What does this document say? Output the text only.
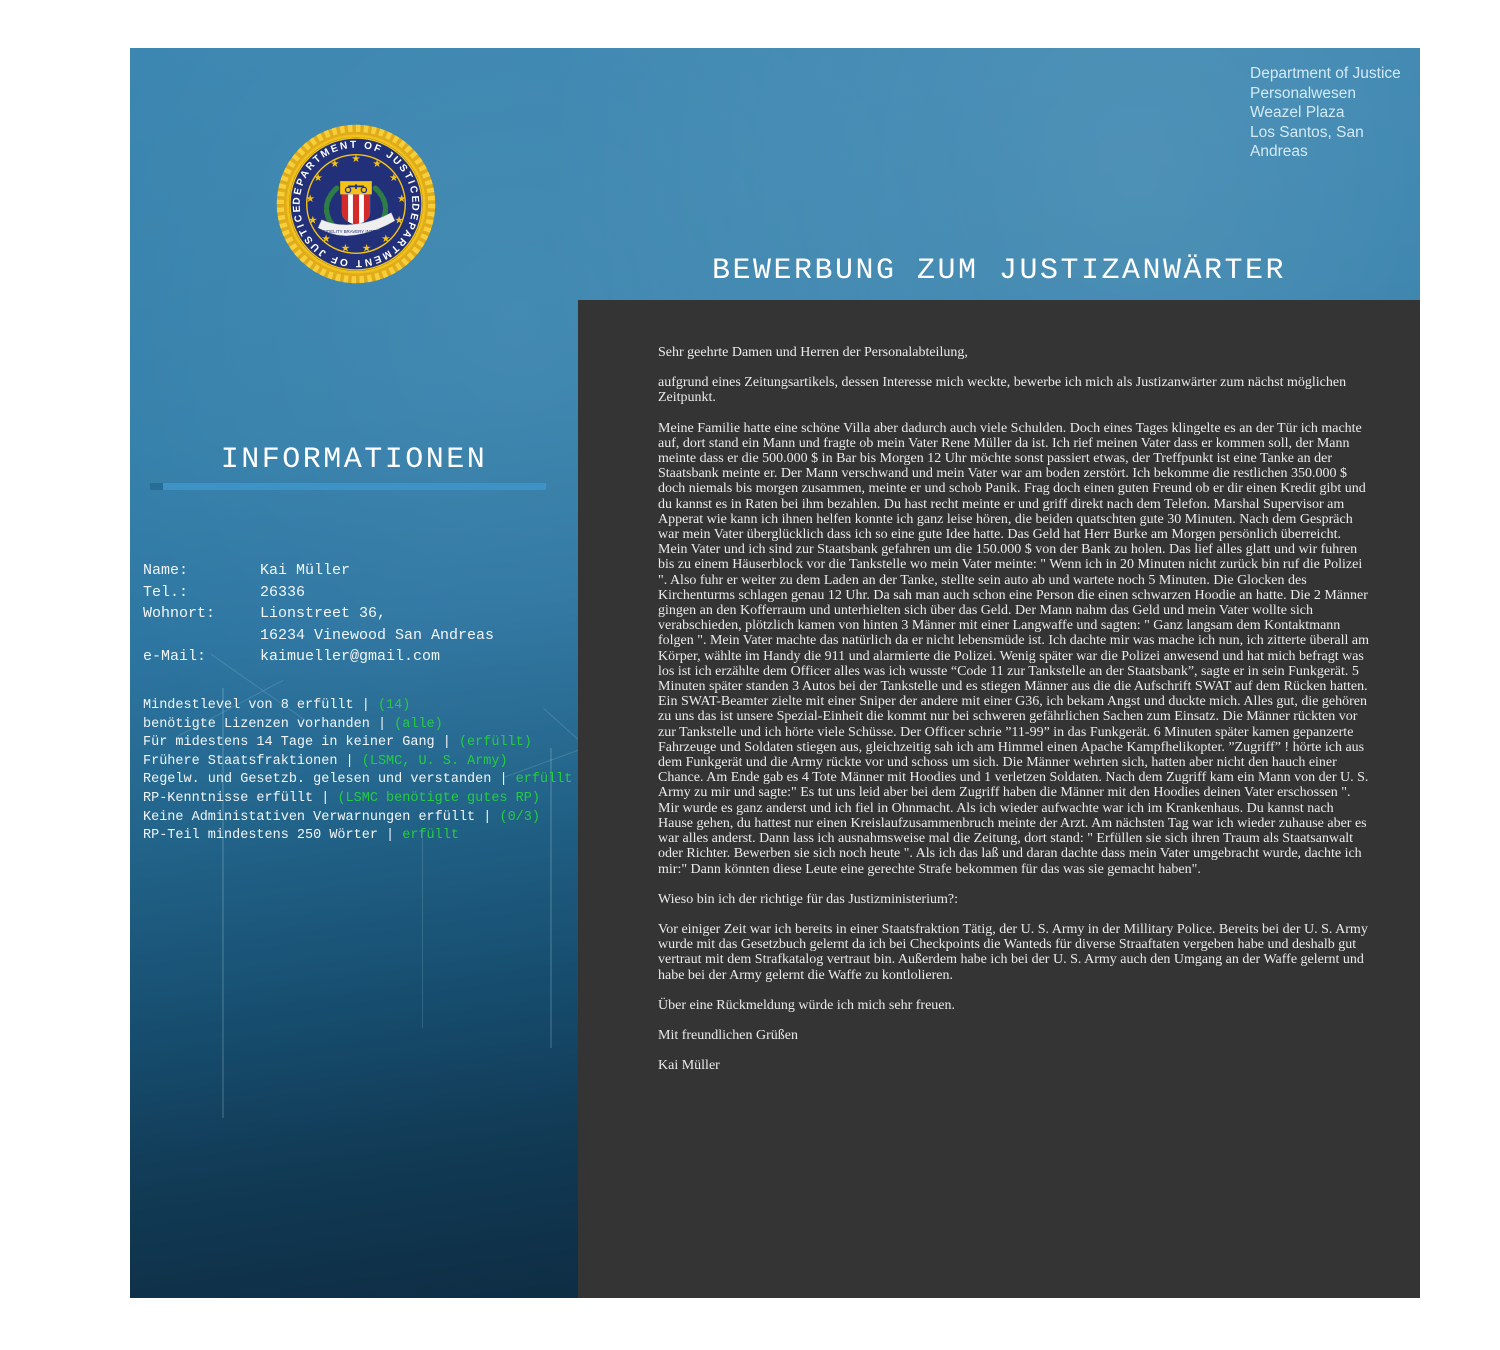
Department of Justice
Personalwesen
Weazel Plaza
Los Santos, San Andreas
DEPARTMENT OF JUSTICE
DEPARTMENT OF JUSTICE
★ ★
★
★
★
★
★
★
★
★
★
★
★
FIDELITY BRAVERY INTEGRITY
BEWERBUNG ZUM JUSTIZANWÄRTER
INFORMATIONEN
Name:	Kai Müller
Tel.:	26336
Wohnort:	Lionstreet 36,
16234 Vinewood San Andreas
e-Mail:	kaimueller@gmail.com
Mindestlevel von 8 erfüllt | (14)
benötigte Lizenzen vorhanden | (alle)
Für midestens 14 Tage in keiner Gang | (erfüllt)
Frühere Staatsfraktionen | (LSMC, U. S. Army)
Regelw. und Gesetzb. gelesen und verstanden | erfüllt
RP-Kenntnisse erfüllt | (LSMC benötigte gutes RP)
Keine Administativen Verwarnungen erfüllt | (0/3)
RP-Teil mindestens 250 Wörter | erfüllt

Sehr geehrte Damen und Herren der Personalabteilung,

aufgrund eines Zeitungsartikels, dessen Interesse mich weckte, bewerbe ich mich als Justizanwärter zum nächst möglichen Zeitpunkt.

Meine Familie hatte eine schöne Villa aber dadurch auch viele Schulden. Doch eines Tages klingelte es an der Tür ich machte auf, dort stand ein Mann und fragte ob mein Vater Rene Müller da ist. Ich rief meinen Vater dass er kommen soll, der Mann meinte dass er die 500.000 $ in Bar bis Morgen 12 Uhr möchte sonst passiert etwas, der Treffpunkt ist eine Tanke an der Staatsbank meinte er. Der Mann verschwand und mein Vater war am boden zerstört. Ich bekomme die restlichen 350.000 $ doch niemals bis morgen zusammen, meinte er und schob Panik. Frag doch einen guten Freund ob er dir einen Kredit gibt und du kannst es in Raten bei ihm bezahlen. Du hast recht meinte er und griff direkt nach dem Telefon. Marshal Supervisor am Apperat wie kann ich ihnen helfen konnte ich ganz leise hören, die beiden quatschten gute 30 Minuten. Nach dem Gespräch war mein Vater überglücklich dass ich so eine gute Idee hatte. Das Geld hat Herr Burke am Morgen persönlich überreicht. Mein Vater und ich sind zur Staatsbank gefahren um die 150.000 $ von der Bank zu holen. Das lief alles glatt und wir fuhren bis zu einem Häuserblock vor die Tankstelle wo mein Vater meinte: " Wenn ich in 20 Minuten nicht zurück bin ruf die Polizei ". Also fuhr er weiter zu dem Laden an der Tanke, stellte sein auto ab und wartete noch 5 Minuten. Die Glocken des Kirchenturms schlagen genau 12 Uhr. Da sah man auch schon eine Person die einen schwarzen Hoodie an hatte. Die 2 Männer gingen an den Kofferraum und unterhielten sich über das Geld. Der Mann nahm das Geld und mein Vater wollte sich verabschieden, plötzlich kamen von hinten 3 Männer mit einer Langwaffe und sagten: " Ganz langsam dem Kontaktmann folgen ". Mein Vater machte das natürlich da er nicht lebensmüde ist. Ich dachte mir was mache ich nun, ich zitterte überall am Körper, wählte im Handy die 911 und alarmierte die Polizei. Wenig später war die Polizei anwesend und hat mich befragt was los ist ich erzählte dem Officer alles was ich wusste “Code 11 zur Tankstelle an der Staatsbank”, sagte er in sein Funkgerät. 5 Minuten später standen 3 Autos bei der Tankstelle und es stiegen Männer aus die die Aufschrift SWAT auf dem Rücken hatten. Ein SWAT-Beamter zielte mit einer Sniper der andere mit einer G36, ich bekam Angst und duckte mich. Alles gut, die gehören zu uns das ist unsere Spezial-Einheit die kommt nur bei schweren gefährlichen Sachen zum Einsatz. Die Männer rückten vor zur Tankstelle und ich hörte viele Schüsse. Der Officer schrie ”11-99” in das Funkgerät. 6 Minuten später kamen gepanzerte Fahrzeuge und Soldaten stiegen aus, gleichzeitig sah ich am Himmel einen Apache Kampfhelikopter. ”Zugriff” ! hörte ich aus dem Funkgerät und die Army rückte vor und schoss um sich. Die Männer wehrten sich, hatten aber nicht den hauch einer Chance. Am Ende gab es 4 Tote Männer mit Hoodies und 1 verletzen Soldaten. Nach dem Zugriff kam ein Mann von der U. S. Army zu mir und sagte:" Es tut uns leid aber bei dem Zugriff haben die Männer mit den Hoodies deinen Vater erschossen ". Mir wurde es ganz anderst und ich fiel in Ohnmacht. Als ich wieder aufwachte war ich im Krankenhaus. Du kannst nach Hause gehen, du hattest nur einen Kreislaufzusammenbruch meinte der Arzt. Am nächsten Tag war ich wieder zuhause aber es war alles anderst. Dann lass ich ausnahmsweise mal die Zeitung, dort stand: " Erfüllen sie sich ihren Traum als Staatsanwalt oder Richter. Bewerben sie sich noch heute ". Als ich das laß und daran dachte dass mein Vater umgebracht wurde, dachte ich mir:" Dann könnten diese Leute eine gerechte Strafe bekommen für das was sie gemacht haben".

Wieso bin ich der richtige für das Justizministerium?:

Vor einiger Zeit war ich bereits in einer Staatsfraktion Tätig, der U. S. Army in der Millitary Police. Bereits bei der U. S. Army wurde mit das Gesetzbuch gelernt da ich bei Checkpoints die Wanteds für diverse Straaftaten vergeben habe und deshalb gut vertraut mit dem Strafkatalog vertraut bin. Außerdem habe ich bei der U. S. Army auch den Umgang an der Waffe gelernt und habe bei der Army gelernt die Waffe zu kontlolieren.

Über eine Rückmeldung würde ich mich sehr freuen.

Mit freundlichen Grüßen

Kai Müller
